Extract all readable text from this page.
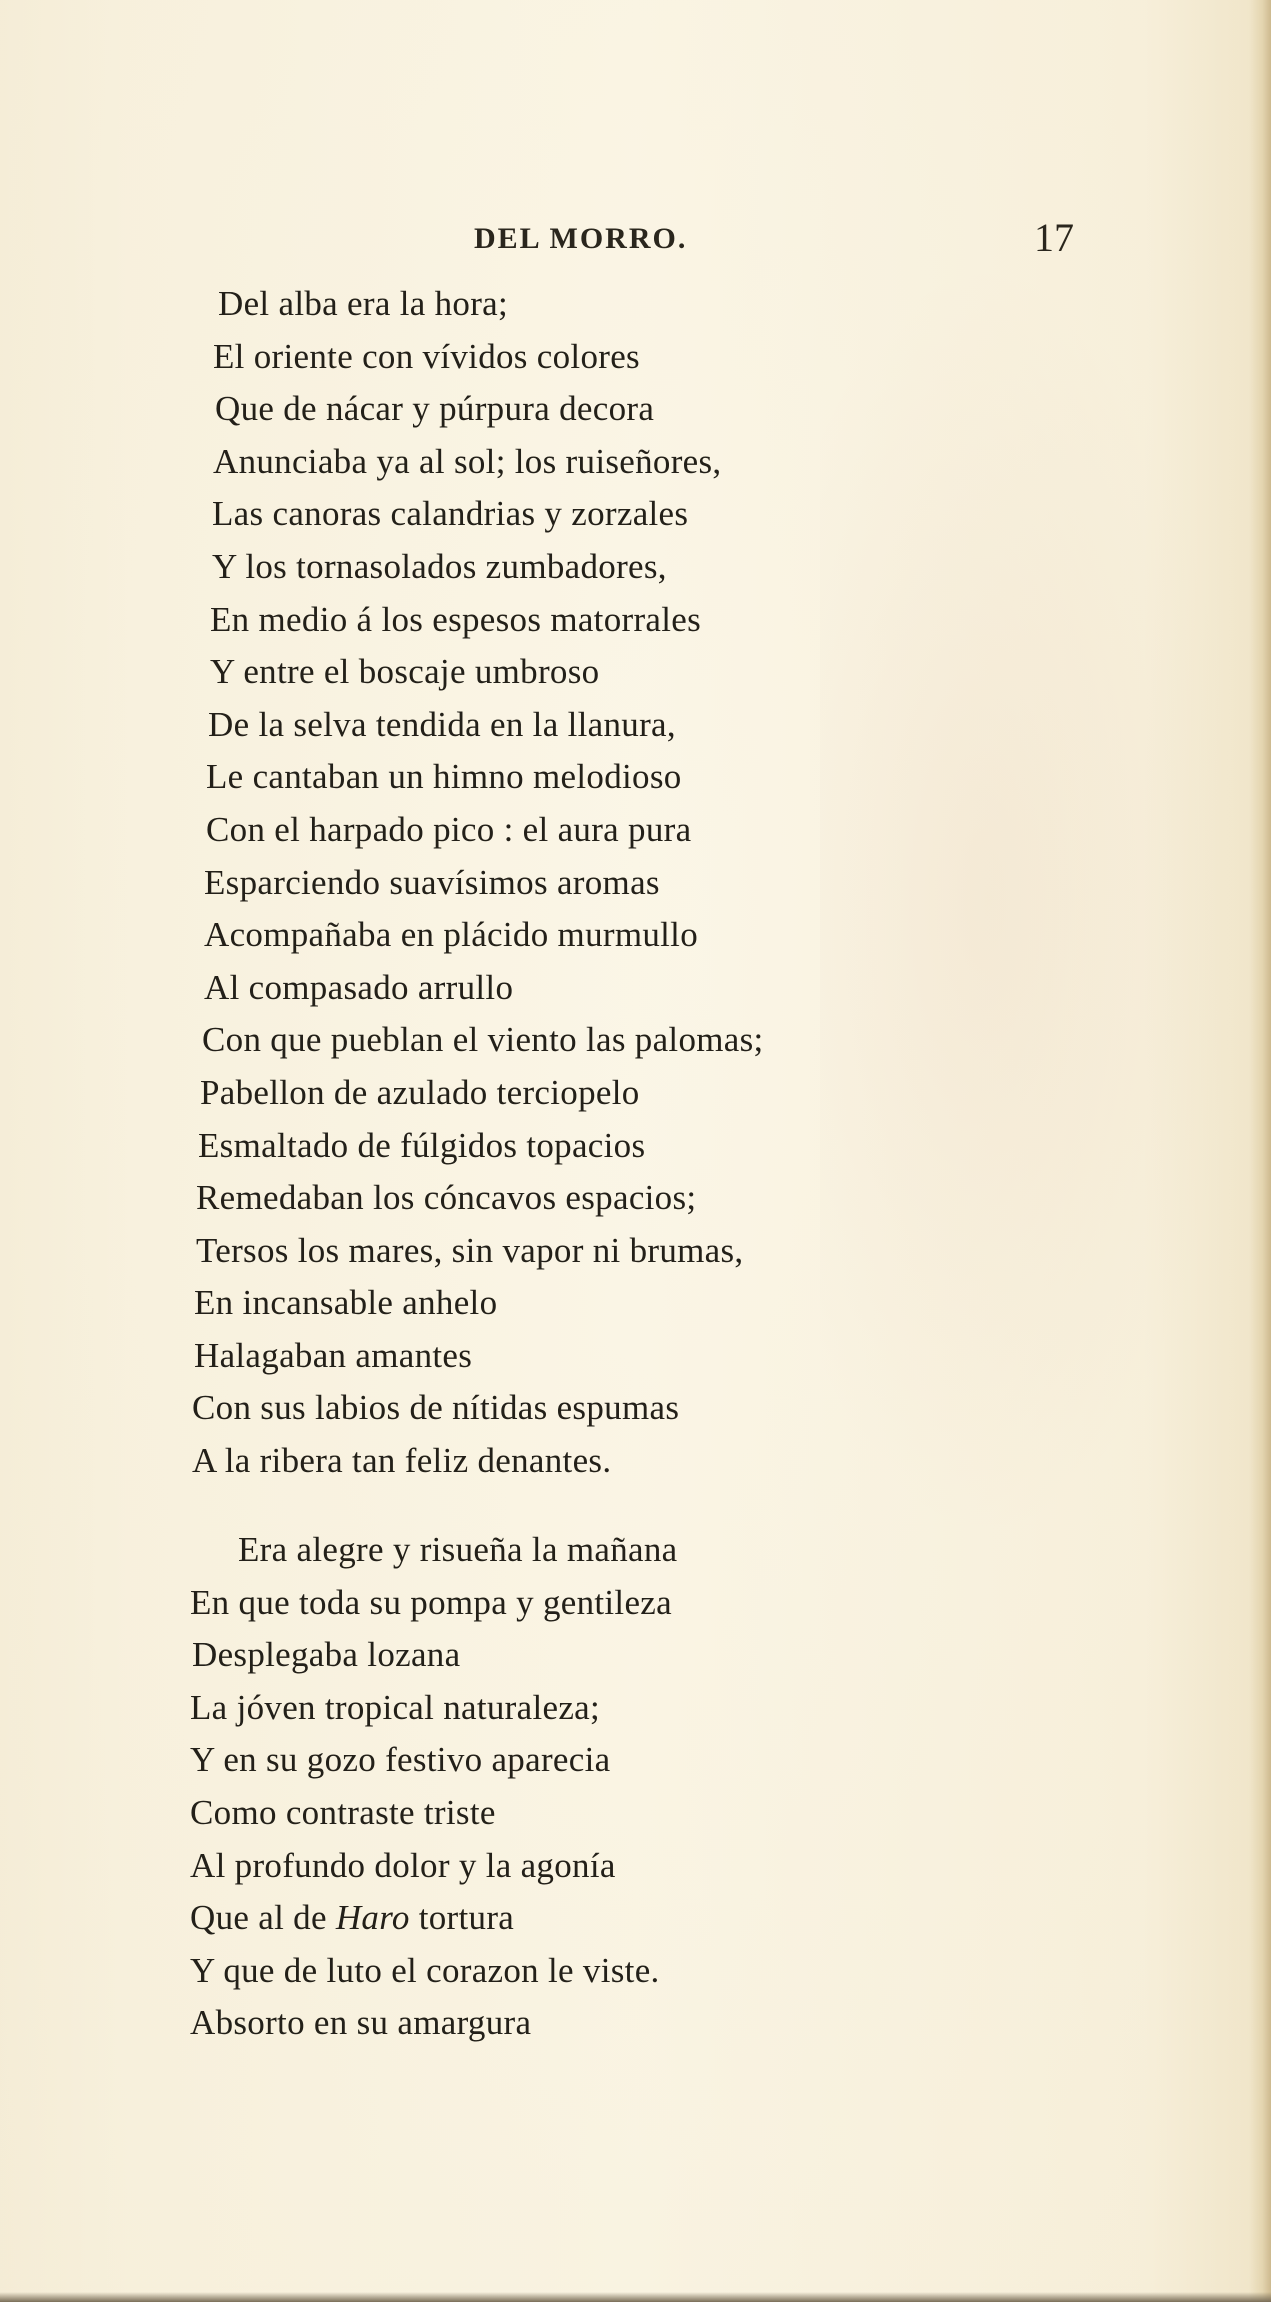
DEL MORRO.	17
Del alba era la hora;
El oriente con vívidos colores
Que de nácar y púrpura decora
Anunciaba ya al sol; los ruiseñores,
Las canoras calandrias y zorzales
Y los tornasolados zumbadores,
En medio á los espesos matorrales
Y entre el boscaje umbroso
De la selva tendida en la llanura,
Le cantaban un himno melodioso
Con el harpado pico : el aura pura
Esparciendo suavísimos aromas
Acompañaba en plácido murmullo
Al compasado arrullo
Con que pueblan el viento las palomas;
Pabellon de azulado terciopelo
Esmaltado de fúlgidos topacios
Remedaban los cóncavos espacios;
Tersos los mares, sin vapor ni brumas,
En incansable anhelo
Halagaban amantes
Con sus labios de nítidas espumas
A la ribera tan feliz denantes.
Era alegre y risueña la mañana
En que toda su pompa y gentileza
Desplegaba lozana
La jóven tropical naturaleza;
Y en su gozo festivo aparecia
Como contraste triste
Al profundo dolor y la agonía
Que al de Haro tortura
Y que de luto el corazon le viste.
Absorto en su amargura
